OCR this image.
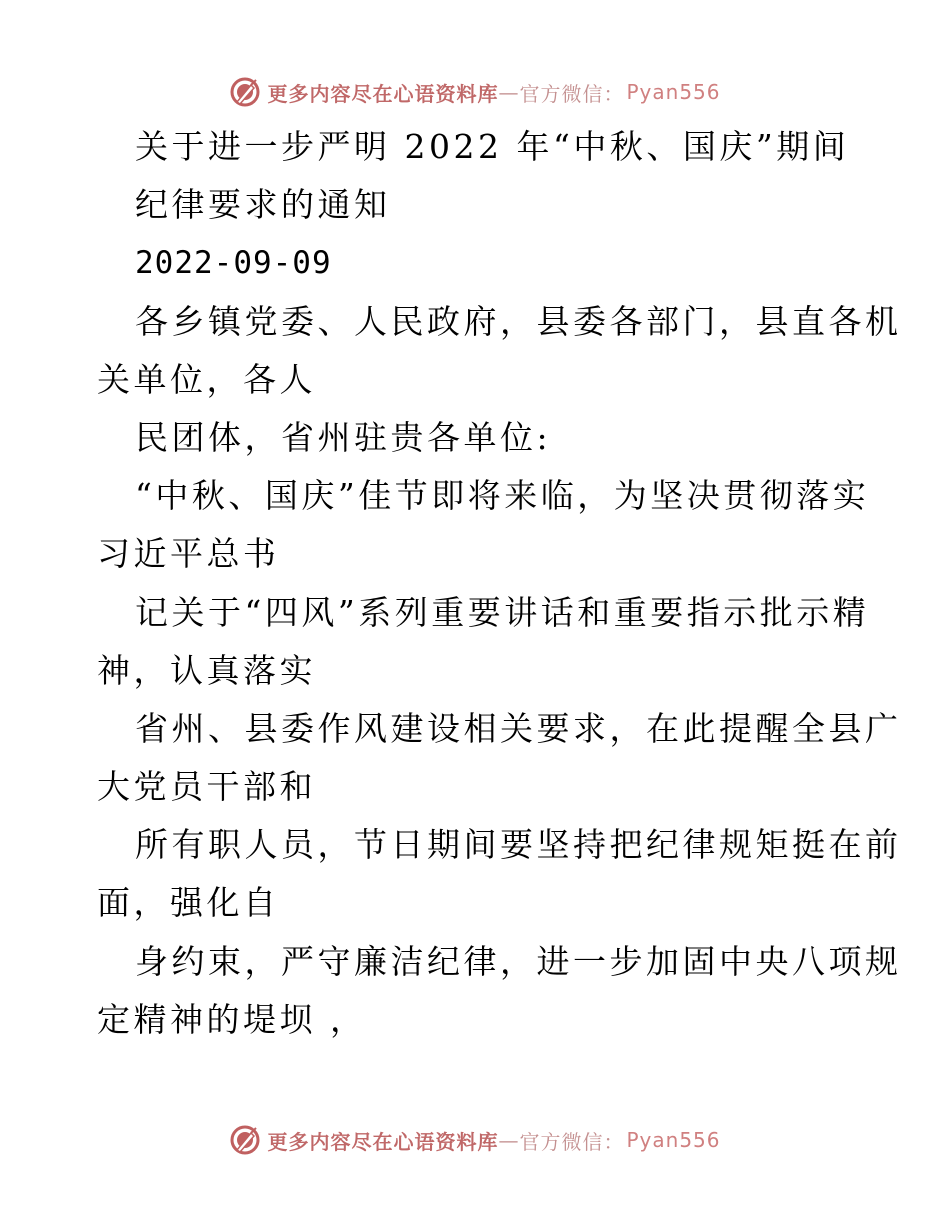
更多内容尽在心语资料库 — 官方微信： Pyan556
关于进一步严明 2022 年“中秋、国庆”期间
纪律要求的通知
2022-09-09
各乡镇党委、人民政府，县委各部门，县直各机
关单位，各人
民团体，省州驻贵各单位:
“中秋、国庆”佳节即将来临，为坚决贯彻落实
习近平总书
记关于“四风”系列重要讲话和重要指示批示精
神，认真落实
省州、县委作风建设相关要求，在此提醒全县广
大党员干部和
所有职人员，节日期间要坚持把纪律规矩挺在前
面，强化自
身约束，严守廉洁纪律，进一步加固中央八项规
定精神的堤坝 ，
更多内容尽在心语资料库 — 官方微信： Pyan556
